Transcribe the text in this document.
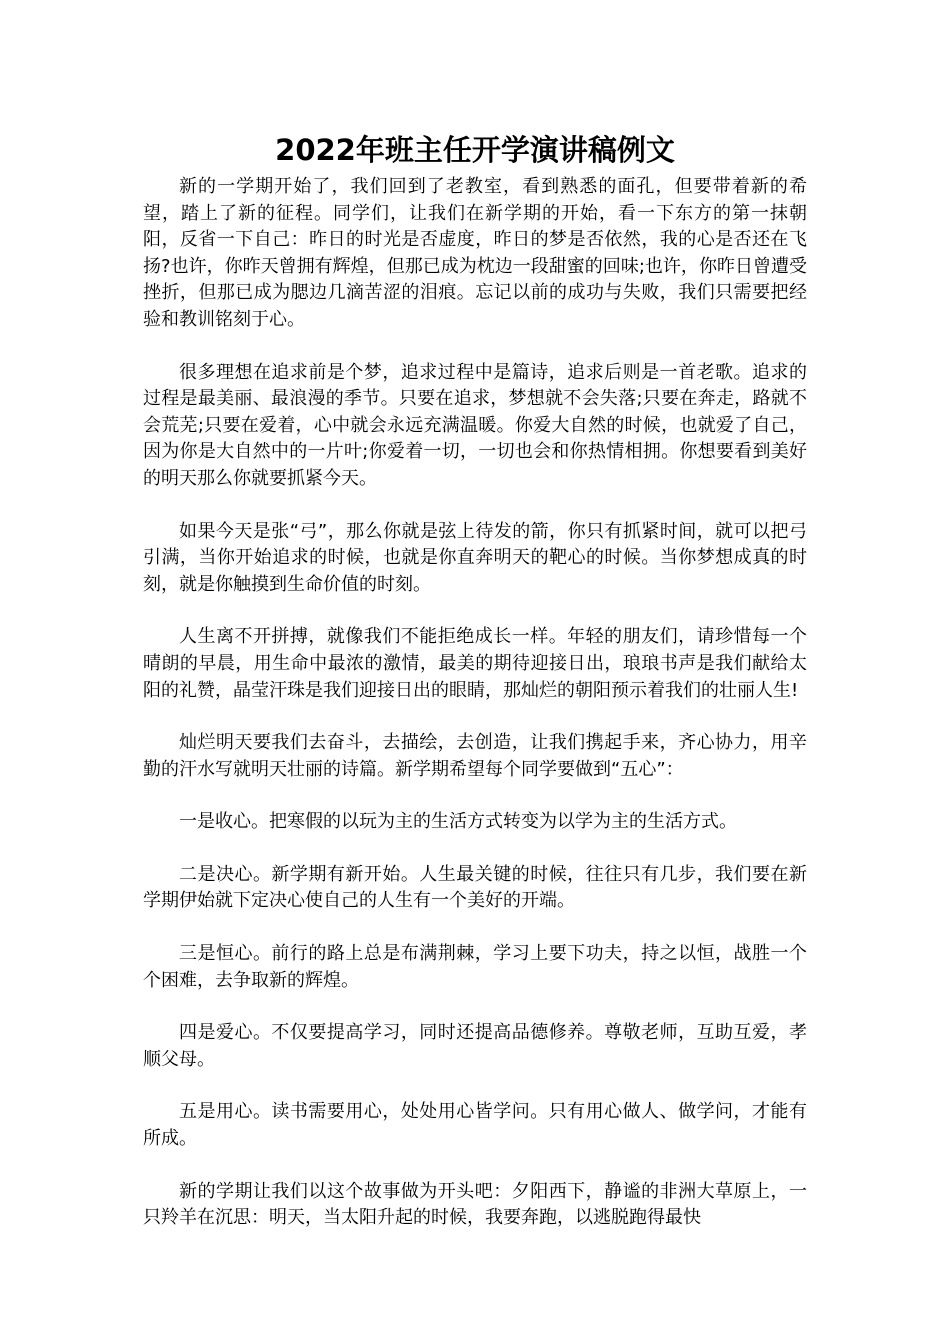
2022年班主任开学演讲稿例文

新的一学期开始了，我们回到了老教室，看到熟悉的面孔，但要带着新的希望，踏上了新的征程。同学们，让我们在新学期的开始，看一下东方的第一抹朝阳，反省一下自己：昨日的时光是否虚度，昨日的梦是否依然，我的心是否还在飞扬?也许，你昨天曾拥有辉煌，但那已成为枕边一段甜蜜的回味;也许，你昨日曾遭受挫折，但那已成为腮边几滴苦涩的泪痕。忘记以前的成功与失败，我们只需要把经验和教训铭刻于心。

很多理想在追求前是个梦，追求过程中是篇诗，追求后则是一首老歌。追求的过程是最美丽、最浪漫的季节。只要在追求，梦想就不会失落;只要在奔走，路就不会荒芜;只要在爱着，心中就会永远充满温暖。你爱大自然的时候，也就爱了自己，因为你是大自然中的一片叶;你爱着一切，一切也会和你热情相拥。你想要看到美好的明天那么你就要抓紧今天。

如果今天是张“弓”，那么你就是弦上待发的箭，你只有抓紧时间，就可以把弓引满，当你开始追求的时候，也就是你直奔明天的靶心的时候。当你梦想成真的时刻，就是你触摸到生命价值的时刻。

人生离不开拼搏，就像我们不能拒绝成长一样。年轻的朋友们，请珍惜每一个晴朗的早晨，用生命中最浓的激情，最美的期待迎接日出，琅琅书声是我们献给太阳的礼赞，晶莹汗珠是我们迎接日出的眼睛，那灿烂的朝阳预示着我们的壮丽人生!

灿烂明天要我们去奋斗，去描绘，去创造，让我们携起手来，齐心协力，用辛勤的汗水写就明天壮丽的诗篇。新学期希望每个同学要做到“五心”：

一是收心。把寒假的以玩为主的生活方式转变为以学为主的生活方式。

二是决心。新学期有新开始。人生最关键的时候，往往只有几步，我们要在新学期伊始就下定决心使自己的人生有一个美好的开端。

三是恒心。前行的路上总是布满荆棘，学习上要下功夫，持之以恒，战胜一个个困难，去争取新的辉煌。

四是爱心。不仅要提高学习，同时还提高品德修养。尊敬老师，互助互爱，孝顺父母。

五是用心。读书需要用心，处处用心皆学问。只有用心做人、做学问，才能有所成。

新的学期让我们以这个故事做为开头吧：夕阳西下，静谧的非洲大草原上，一只羚羊在沉思：明天，当太阳升起的时候，我要奔跑，以逃脱跑得最快
